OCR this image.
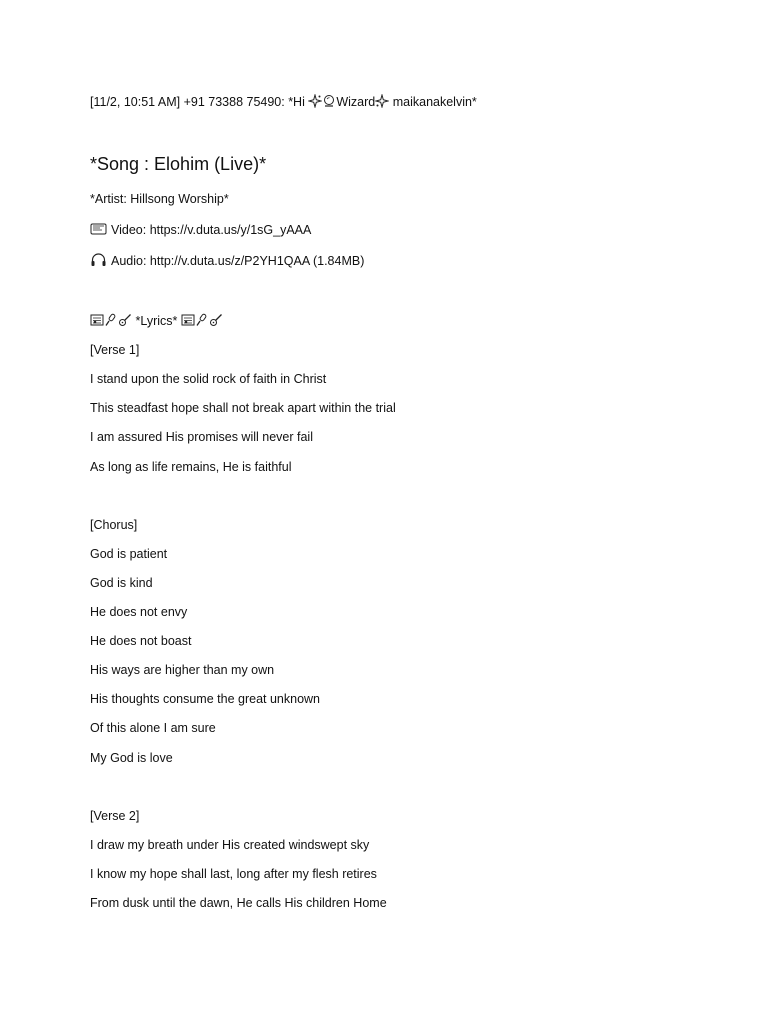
[11/2, 10:51 AM] +91 73388 75490: *Hi
Wizard
maikanakelvin*
*Song : Elohim (Live)*
*Artist: Hillsong Worship*
Video: https://v.duta.us/y/1sG_yAAA
Audio: http://v.duta.us/z/P2YH1QAA (1.84MB)
*Lyrics*
[Verse 1]
I stand upon the solid rock of faith in Christ
This steadfast hope shall not break apart within the trial
I am assured His promises will never fail
As long as life remains, He is faithful
[Chorus]
God is patient
God is kind
He does not envy
He does not boast
His ways are higher than my own
His thoughts consume the great unknown
Of this alone I am sure
My God is love
[Verse 2]
I draw my breath under His created windswept sky
I know my hope shall last, long after my flesh retires
From dusk until the dawn, He calls His children Home
